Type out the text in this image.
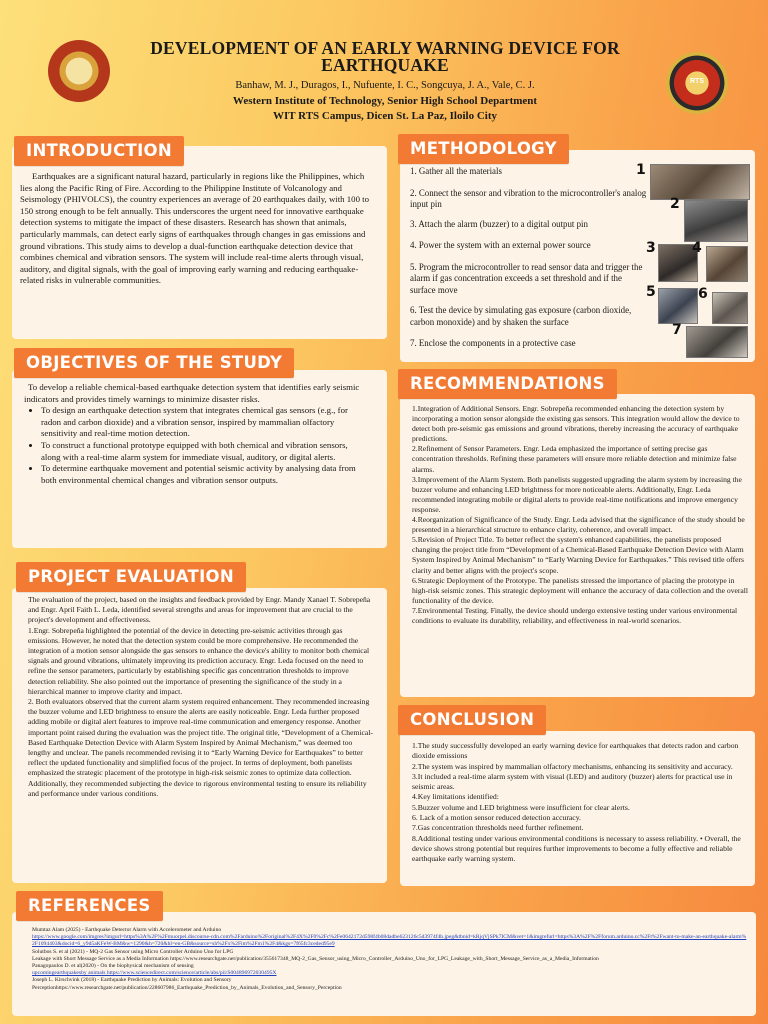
RTS
DEVELOPMENT OF AN EARLY WARNING DEVICE FOR
EARTHQUAKE
Banhaw, M. J., Duragos, I., Nufuente, I. C., Songcuya, J. A., Vale, C. J.
Western Institute of Technology, Senior High School Department
WIT RTS Campus, Dicen St. La Paz, Iloilo City
INTRODUCTION
Earthquakes are a significant natural hazard, particularly in regions like the Philippines, which lies along the Pacific Ring of Fire. According to the Philippine Institute of Volcanology and Seismology (PHIVOLCS), the country experiences an average of 20 earthquakes daily, with 100 to 150 strong enough to be felt annually. This underscores the urgent need for innovative earthquake detection systems to mitigate the impact of these disasters. Research has shown that animals, particularly mammals, can detect early signs of earthquakes through changes in gas emissions and ground vibrations. This study aims to develop a dual-function earthquake detection device that combines chemical and vibration sensors. The system will include real-time alerts through visual, auditory, and digital signals, with the goal of improving early warning and reducing earthquake-related risks in vulnerable communities.
OBJECTIVES OF THE STUDY

To develop a reliable chemical-based earthquake detection system that identifies early seismic indicators and provides timely warnings to minimize disaster risks.

• To design an earthquake detection system that integrates chemical gas sensors (e.g., for radon and carbon dioxide) and a vibration sensor, inspired by mammalian olfactory sensitivity and real-time motion detection.
• To construct a functional prototype equipped with both chemical and vibration sensors, along with a real-time alarm system for immediate visual, auditory, or digital alerts.
• To determine earthquake movement and potential seismic activity by analysing data from both environmental chemical changes and vibration sensor outputs.
PROJECT EVALUATION

The evaluation of the project, based on the insights and feedback provided by Engr. Mandy Xanael T. Sobrepeña and Engr. April Faith L. Leda, identified several strengths and areas for improvement that are crucial to the project's development and effectiveness.

1.Engr. Sobrepeña highlighted the potential of the device in detecting pre-seismic activities through gas emissions. However, he noted that the detection system could be more comprehensive. He recommended the integration of a motion sensor alongside the gas sensors to enhance the device's ability to monitor both chemical signals and ground vibrations, ultimately improving its prediction accuracy. Engr. Leda focused on the need to refine the sensor parameters, particularly by establishing specific gas concentration thresholds to improve detection reliability. She also pointed out the importance of presenting the significance of the study in a hierarchical manner to improve clarity and impact.

2. Both evaluators observed that the current alarm system required enhancement. They recommended increasing the buzzer volume and LED brightness to ensure the alerts are easily noticeable. Engr. Leda further proposed adding mobile or digital alert features to improve real-time communication and emergency response. Another important point raised during the evaluation was the project title. The original title, “Development of a Chemical-Based Earthquake Detection Device with Alarm System Inspired by Animal Mechanism,” was deemed too lengthy and unclear. The panels recommended revising it to “Early Warning Device for Earthquakes” to better reflect the updated functionality and simplified focus of the project. In terms of deployment, both panelists emphasized the strategic placement of the prototype in high-risk seismic zones to optimize data collection. Additionally, they recommended subjecting the device to rigorous environmental testing to ensure its reliability and performance under various conditions.

METHODOLOGY

1. Gather all the materials

2. Connect the sensor and vibration to the microcontroller's analog input pin

3. Attach the alarm (buzzer) to a digital output pin

4. Power the system with an external power source

5. Program the microcontroller to read sensor data and trigger the alarm if gas concentration exceeds a set threshold and if the surface move

6. Test the device by simulating gas exposure (carbon dioxide, carbon monoxide) and by shaken the surface

7. Enclose the components in a protective case

1
2
3	4
5	6
7
RECOMMENDATIONS

1.Integration of Additional Sensors. Engr. Sobrepeña recommended enhancing the detection system by incorporating a motion sensor alongside the existing gas sensors. This integration would allow the device to detect both pre-seismic gas emissions and ground vibrations, thereby increasing the accuracy of earthquake predictions.

2.Refinement of Sensor Parameters. Engr. Leda emphasized the importance of setting precise gas concentration thresholds. Refining these parameters will ensure more reliable detection and minimize false alarms.

3.Improvement of the Alarm System. Both panelists suggested upgrading the alarm system by increasing the buzzer volume and enhancing LED brightness for more noticeable alerts. Additionally, Engr. Leda recommended integrating mobile or digital alerts to provide real-time notifications and improve emergency response.

4.Reorganization of Significance of the Study. Engr. Leda advised that the significance of the study should be presented in a hierarchical structure to enhance clarity, coherence, and overall impact.

5.Revision of Project Title. To better reflect the system's enhanced capabilities, the panelists proposed changing the project title from “Development of a Chemical-Based Earthquake Detection Device with Alarm System Inspired by Animal Mechanism” to “Early Warning Device for Earthquakes.” This revised title offers clarity and better aligns with the project's scope.

6.Strategic Deployment of the Prototype. The panelists stressed the importance of placing the prototype in high-risk seismic zones. This strategic deployment will enhance the accuracy of data collection and the overall functionality of the device.

7.Environmental Testing. Finally, the device should undergo extensive testing under various environmental conditions to evaluate its durability, reliability, and effectiveness in real-world scenarios.

CONCLUSION

1.The study successfully developed an early warning device for earthquakes that detects radon and carbon dioxide emissions

2.The system was inspired by mammalian olfactory mechanisms, enhancing its sensitivity and accuracy.

3.It included a real-time alarm system with visual (LED) and auditory (buzzer) alerts for practical use in seismic areas.

4.Key limitations identified:

5.Buzzer volume and LED brightness were insufficient for clear alerts.

6. Lack of a motion sensor reduced detection accuracy.

7.Gas concentration thresholds need further refinement.

8.Additional testing under various environmental conditions is necessary to assess reliability. • Overall, the device shows strong potential but requires further improvements to become a fully effective and reliable earthquake early warning system.

REFERENCES

Mumtaz Alam (2025) - Earthquake Detector Alarm with Accelerometer and Arduino

https://www.google.com/imgres?imgurl=https%3A%2F%2Fmuorpel.discourse-cdn.com%2Farduino%2Foriginal%2F4X%2F0%2Fc%2Fe0642172d598f4b08dadbe623126c5d3974f4b.jpeg&tbnid=kRjqVjSPk7ICM&vet=1&imgrefurl=https%3A%2F%2Fforum.arduino.cc%2Ft%2Fwant-to-make-an-earthquake-alarm%2F1094403&docid=6_y9d5aKFeW-BM&w=1290&h=720&hl=en-GB&source=sh%2Fx%2Fim%2Fm1%2F4&kgs=7f65fc3ceded95e9

Solutbos S. et al (2021) - MQ-2 Gas Sensor using Micro Controller Arduino Uno for LPG

Leakage with Short Message Service as a Media Information https://www.researchgate.net/publication/355617348_MQ-2_Gas_Sensor_using_Micro_Controller_Arduino_Uno_for_LPG_Leakage_with_Short_Message_Service_as_a_Media_Information

Panagopaulos D. et al(2020) - On the biophysical mechanism of sensing

upcomingearthquakesby animals https://www.sciencedirect.com/science/article/abs/pii/S004896972030495X

Joseph L. Kirschvink (2018) - Earthquake Prediction by Animals: Evolution and Sensory

Perceptionhttps://www.researchgate.net/publication/228607986_Earthquake_Prediction_by_Animals_Evolution_and_Sensory_Perception
